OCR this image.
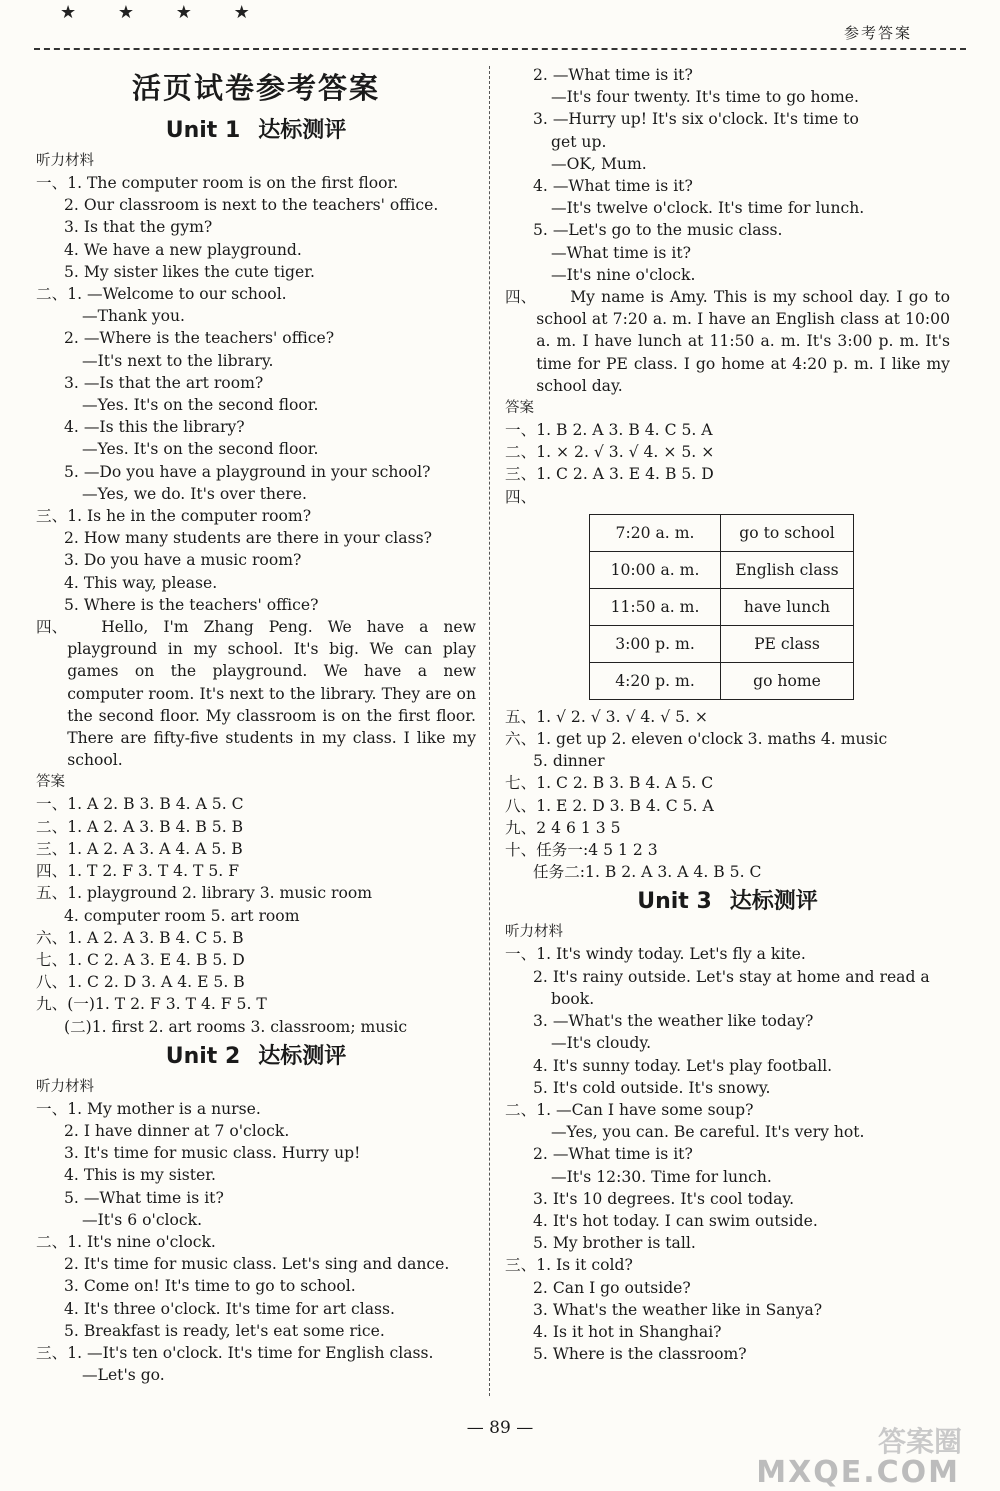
★ ★ ★ ★
参考答案
活页试卷参考答案
Unit 1 达标测评
听力材料
一、1. The computer room is on the first floor.
2. Our classroom is next to the teachers' office.
3. Is that the gym?
4. We have a new playground.
5. My sister likes the cute tiger.
二、1. —Welcome to our school.
—Thank you.
2. —Where is the teachers' office?
—It's next to the library.
3. —Is that the art room?
—Yes. It's on the second floor.
4. —Is this the library?
—Yes. It's on the second floor.
5. —Do you have a playground in your school?
—Yes, we do. It's over there.
三、1. Is he in the computer room?
2. How many students are there in your class?
3. Do you have a music room?
4. This way, please.
5. Where is the teachers' office?
四、	Hello, I'm Zhang Peng. We have a new playground in my school. It's big. We can play games on the playground. We have a new computer room. It's next to the library. They are on the second floor. My classroom is on the first floor. There are fifty-five students in my class. I like my school.
答案
一、1. A 2. B 3. B 4. A 5. C
二、1. A 2. A 3. B 4. B 5. B
三、1. A 2. A 3. A 4. A 5. B
四、1. T 2. F 3. T 4. T 5. F
五、1. playground 2. library 3. music room
4. computer room 5. art room
六、1. A 2. A 3. B 4. C 5. B
七、1. C 2. A 3. E 4. B 5. D
八、1. C 2. D 3. A 4. E 5. B
九、(一)1. T 2. F 3. T 4. F 5. T
(二)1. first 2. art rooms 3. classroom; music
Unit 2 达标测评
听力材料
一、1. My mother is a nurse.
2. I have dinner at 7 o'clock.
3. It's time for music class. Hurry up!
4. This is my sister.
5. —What time is it?
—It's 6 o'clock.
二、1. It's nine o'clock.
2. It's time for music class. Let's sing and dance.
3. Come on! It's time to go to school.
4. It's three o'clock. It's time for art class.
5. Breakfast is ready, let's eat some rice.
三、1. —It's ten o'clock. It's time for English class.
—Let's go.
2. —What time is it?
—It's four twenty. It's time to go home.
3. —Hurry up! It's six o'clock. It's time to
get up.
—OK, Mum.
4. —What time is it?
—It's twelve o'clock. It's time for lunch.
5. —Let's go to the music class.
—What time is it?
—It's nine o'clock.
四、	My name is Amy. This is my school day. I go to school at 7:20 a. m. I have an English class at 10:00 a. m. I have lunch at 11:50 a. m. It's 3:00 p. m. It's time for PE class. I go home at 4:20 p. m. I like my school day.
答案
一、1. B 2. A 3. B 4. C 5. A
二、1. × 2. √ 3. √ 4. × 5. ×
三、1. C 2. A 3. E 4. B 5. D
四、
7:20 a. m.	go to school
10:00 a. m.	English class
11:50 a. m.	have lunch
3:00 p. m.	PE class
4:20 p. m.	go home
五、1. √ 2. √ 3. √ 4. √ 5. ×
六、1. get up 2. eleven o'clock 3. maths 4. music
5. dinner
七、1. C 2. B 3. B 4. A 5. C
八、1. E 2. D 3. B 4. C 5. A
九、2 4 6 1 3 5
十、任务一:4 5 1 2 3
任务二:1. B 2. A 3. A 4. B 5. C
Unit 3 达标测评
听力材料
一、1. It's windy today. Let's fly a kite.
2. It's rainy outside. Let's stay at home and read a
book.
3. —What's the weather like today?
—It's cloudy.
4. It's sunny today. Let's play football.
5. It's cold outside. It's snowy.
二、1. —Can I have some soup?
—Yes, you can. Be careful. It's very hot.
2. —What time is it?
—It's 12:30. Time for lunch.
3. It's 10 degrees. It's cool today.
4. It's hot today. I can swim outside.
5. My brother is tall.
三、1. Is it cold?
2. Can I go outside?
3. What's the weather like in Sanya?
4. Is it hot in Shanghai?
5. Where is the classroom?
— 89 —	答案圈
MXQE.COM
